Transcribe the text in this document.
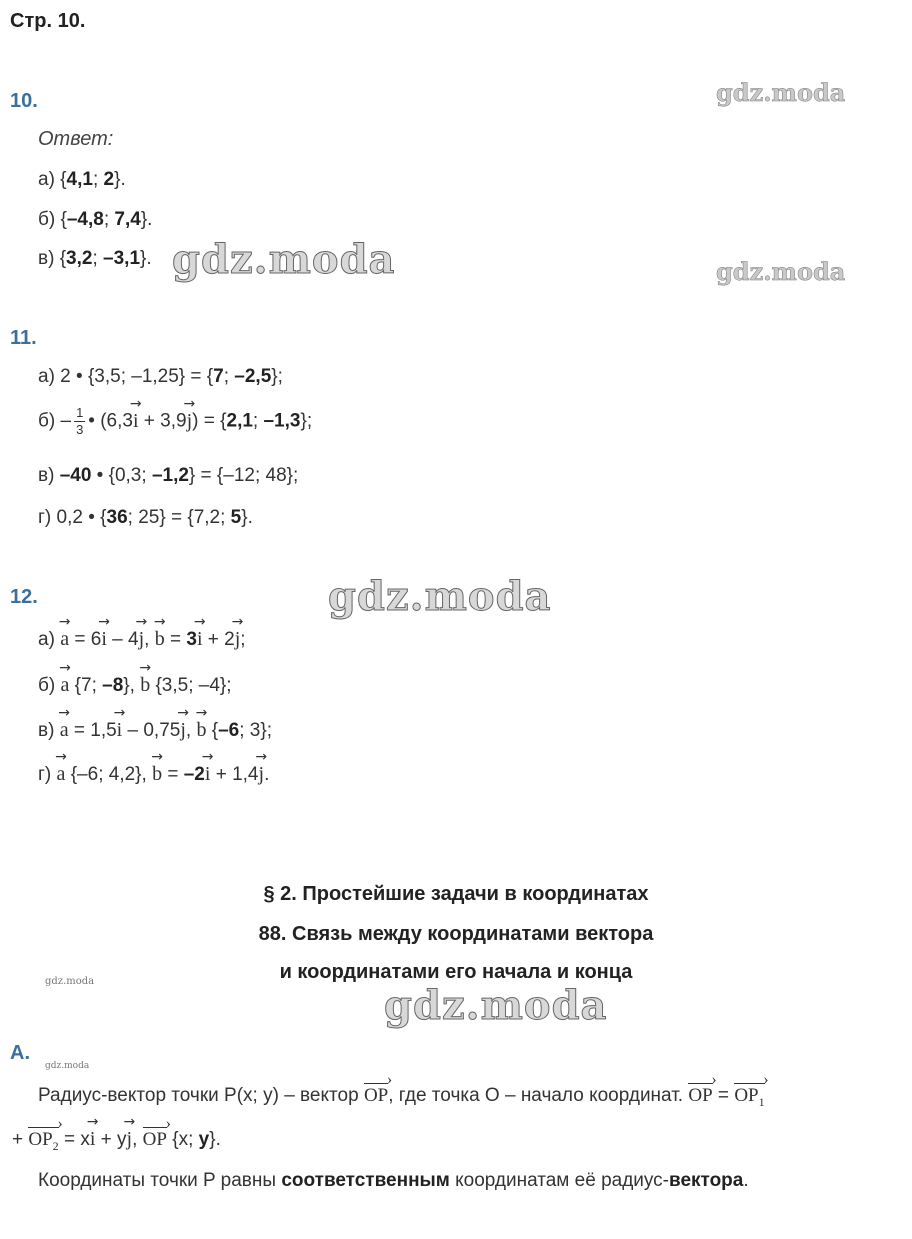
Стр. 10.
gdz.moda
gdz.moda	gdz.moda
gdz.moda
gdz.moda
gdz.moda
gdz.moda
10.
Ответ:
а) {4,1; 2}.
б) {–4,8; 7,4}.
в) {3,2; –3,1}.
11.
а) 2 • {3,5; –1,25} = {7; –2,5};
$б) - \frac{1}{3}$ • (6,3
→
i + 3,9
→
j) = {2,1; –1,3};
в) –40 • {0,3; –1,2} = {–12; 48};
г) 0,2 • {36; 25} = {7,2; 5}.
12.
а)
→
a = 6
→
i – 4
→
j,
→
b = 3
→
i + 2
→
j;
б)
→
a {7; –8},
→
b {3,5; –4};
в)
→
a = 1,5
→
i – 0,75
→
j,
→
b {–6; 3};
г)
→
a {–6; 4,2},
→
b = –2
→
i + 1,4
→
j.
§ 2. Простейшие задачи в координатах
88. Связь между координатами вектора
и координатами его начала и конца
А.
Радиус-вектор точки P(x; y) – вектор OP ›, где точка O – начало координат. OP › = $OP_1$ ›
+ $OP_2$ › = x
→
i + y
→
j, OP › {x; y}.
Координаты точки P равны соответственным координатам её радиус-вектора.
